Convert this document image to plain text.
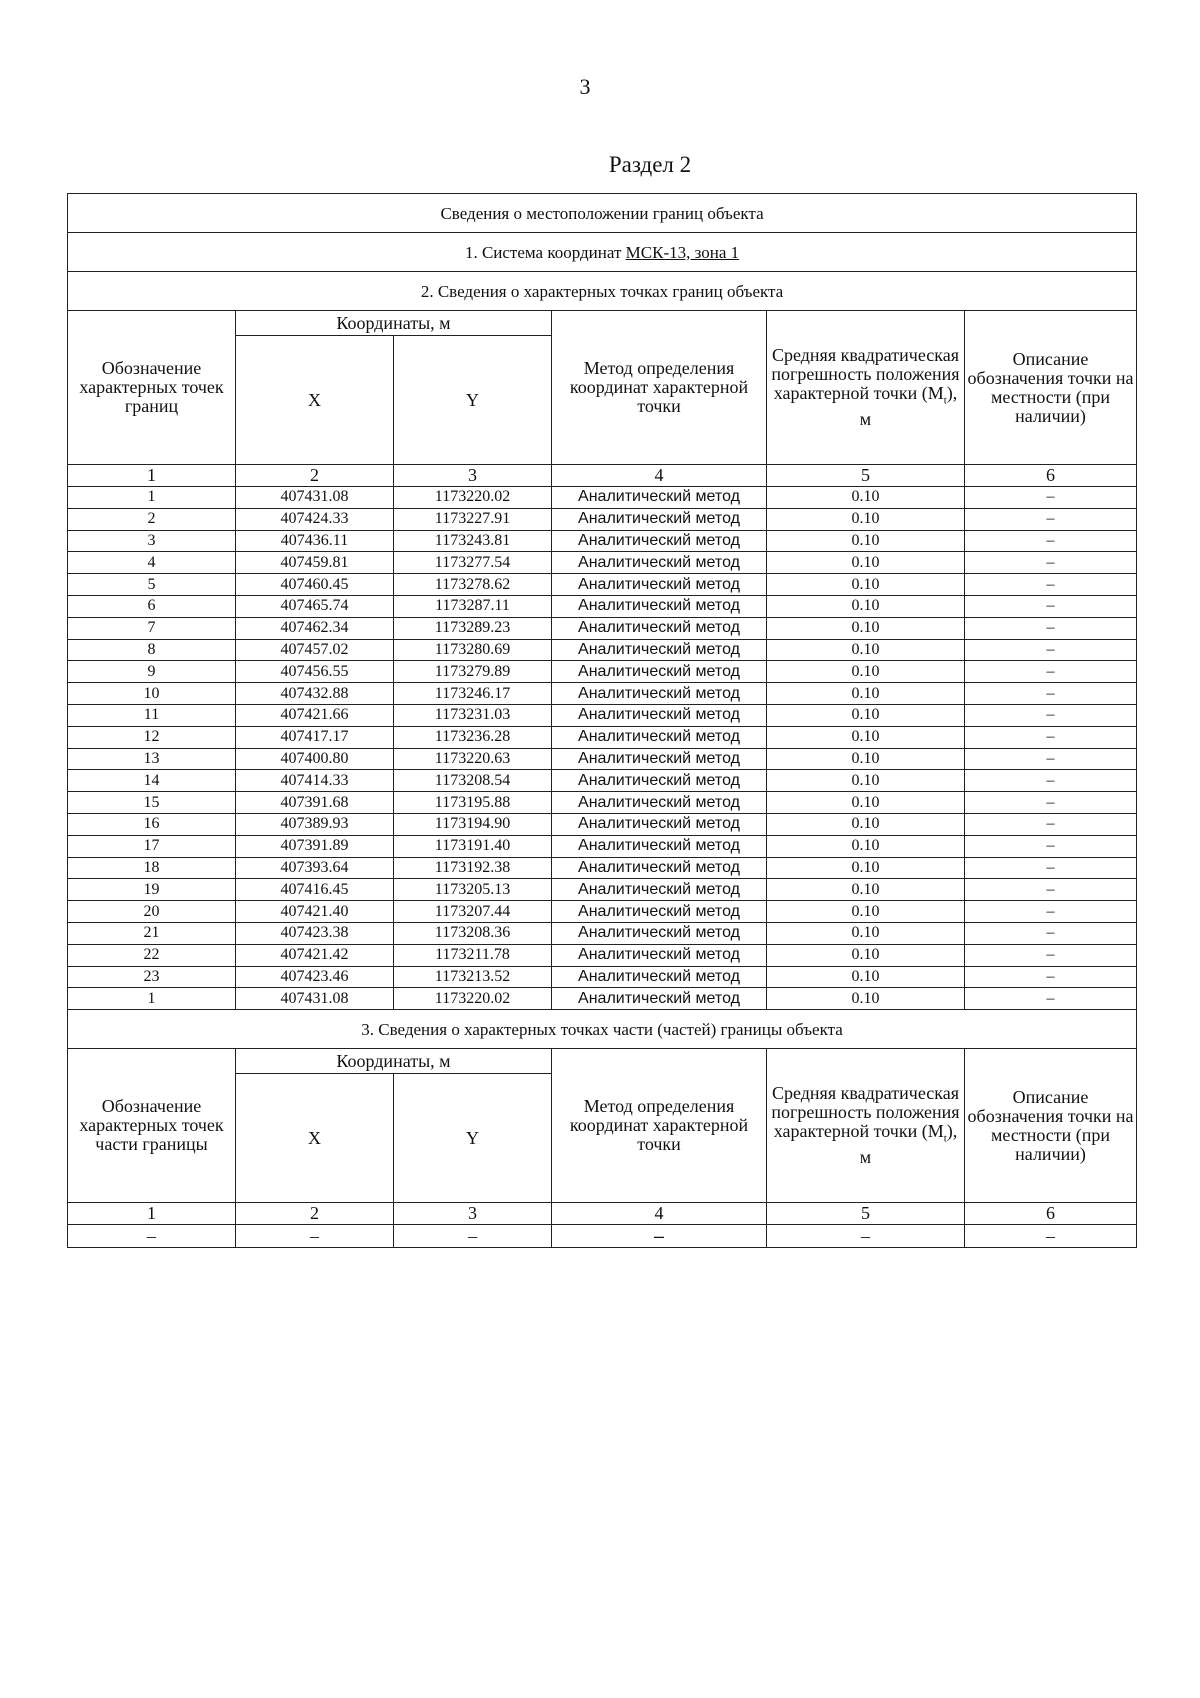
3
Раздел 2
Сведения о местоположении границ объекта					
1. Система координат МСК-13, зона 1					
2. Сведения о характерных точках границ объекта					
Обозначение характерных точек границ	Координаты, м		Метод определения координат характерной точки	Средняя квадратическая погрешность положения характерной точки $(M_t)$, м	Описание обозначения точки на местности (при наличии)
	X	Y			
1	2	3	4	5	6
1	407431.08	1173220.02	Аналитический метод	0.10	–
2	407424.33	1173227.91	Аналитический метод	0.10	–
3	407436.11	1173243.81	Аналитический метод	0.10	–
4	407459.81	1173277.54	Аналитический метод	0.10	–
5	407460.45	1173278.62	Аналитический метод	0.10	–
6	407465.74	1173287.11	Аналитический метод	0.10	–
7	407462.34	1173289.23	Аналитический метод	0.10	–
8	407457.02	1173280.69	Аналитический метод	0.10	–
9	407456.55	1173279.89	Аналитический метод	0.10	–
10	407432.88	1173246.17	Аналитический метод	0.10	–
11	407421.66	1173231.03	Аналитический метод	0.10	–
12	407417.17	1173236.28	Аналитический метод	0.10	–
13	407400.80	1173220.63	Аналитический метод	0.10	–
14	407414.33	1173208.54	Аналитический метод	0.10	–
15	407391.68	1173195.88	Аналитический метод	0.10	–
16	407389.93	1173194.90	Аналитический метод	0.10	–
17	407391.89	1173191.40	Аналитический метод	0.10	–
18	407393.64	1173192.38	Аналитический метод	0.10	–
19	407416.45	1173205.13	Аналитический метод	0.10	–
20	407421.40	1173207.44	Аналитический метод	0.10	–
21	407423.38	1173208.36	Аналитический метод	0.10	–
22	407421.42	1173211.78	Аналитический метод	0.10	–
23	407423.46	1173213.52	Аналитический метод	0.10	–
1	407431.08	1173220.02	Аналитический метод	0.10	–
3. Сведения о характерных точках части (частей) границы объекта					
Обозначение характерных точек части границы	Координаты, м		Метод определения координат характерной точки	Средняя квадратическая погрешность положения характерной точки $(M_t)$, м	Описание обозначения точки на местности (при наличии)
	X	Y			
1	2	3	4	5	6
–	–	–	–	–	–
